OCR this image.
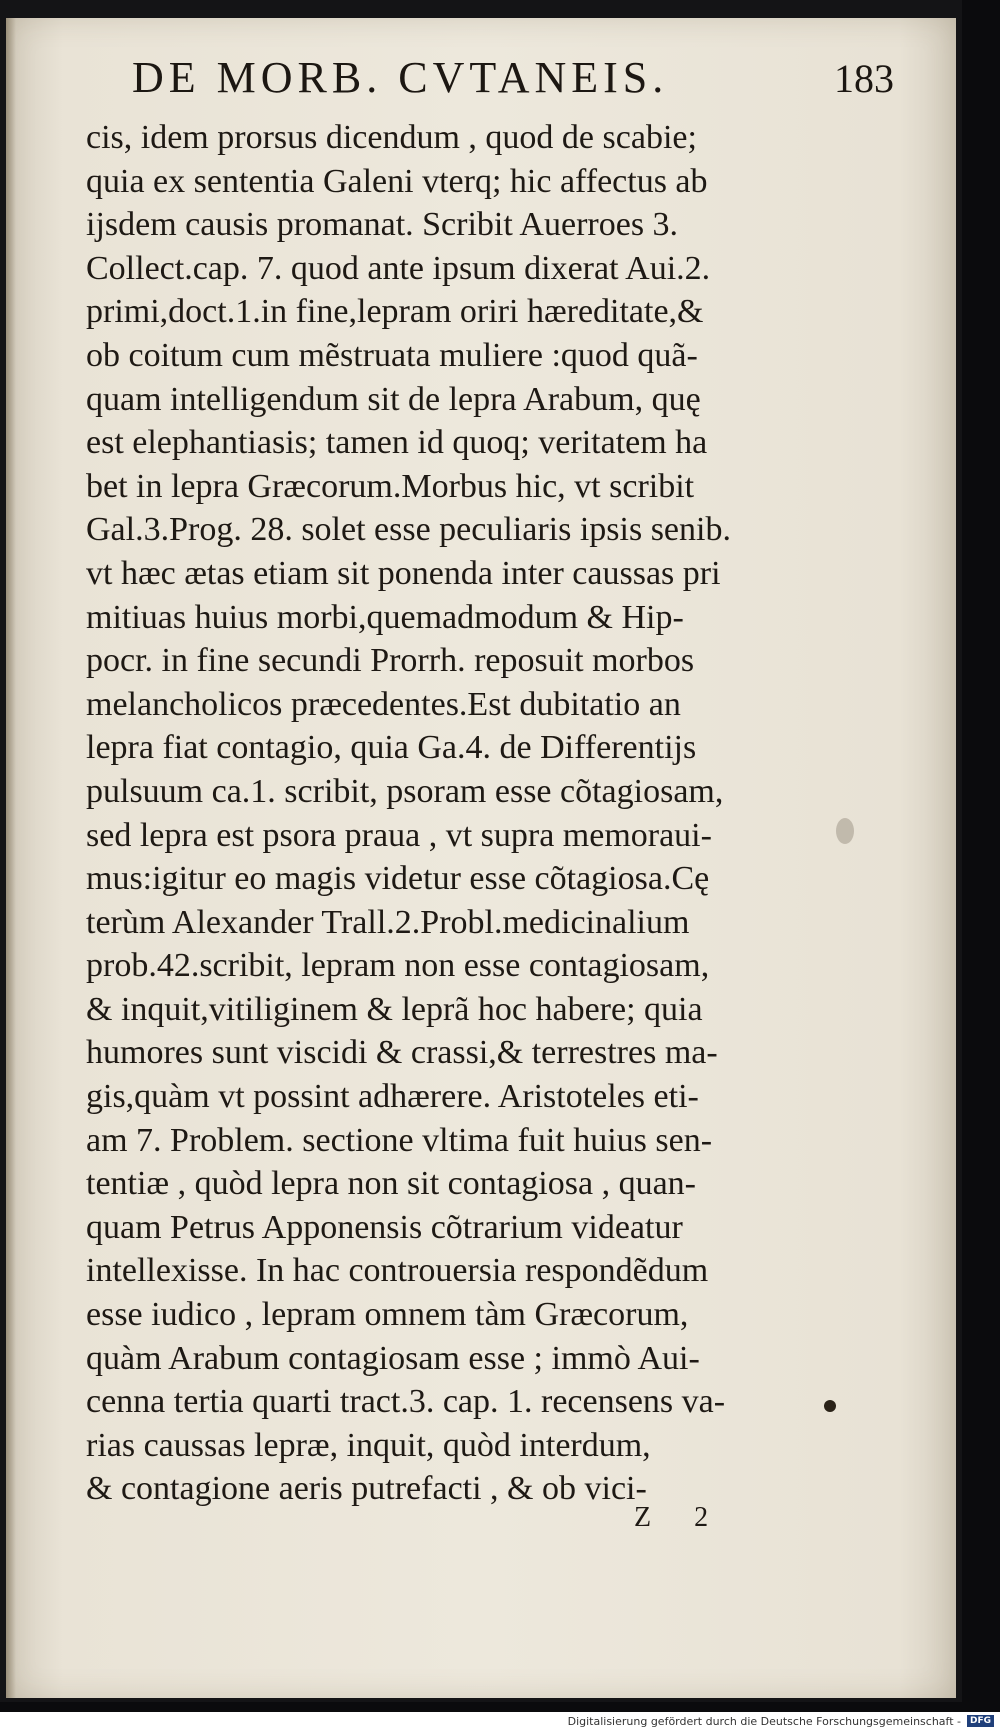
DE MORB. CVTANEIS.	183
cis, idem prorsus dicendum , quod de scabie;
quia ex sententia Galeni vterq; hic affectus ab
ijsdem causis promanat. Scribit Auerroes 3.
Collect.cap. 7. quod ante ipsum dixerat Aui.2.
primi,doct.1.in fine,lepram oriri hæreditate,&
ob coitum cum mẽstruata muliere :quod quã-
quam intelligendum sit de lepra Arabum, quę
est elephantiasis; tamen id quoq; veritatem ha
bet in lepra Græcorum.Morbus hic, vt scribit
Gal.3.Prog. 28. solet esse peculiaris ipsis senib.
vt hæc ætas etiam sit ponenda inter caussas pri
mitiuas huius morbi,quemadmodum & Hip-
pocr. in fine secundi Prorrh. reposuit morbos
melancholicos præcedentes.Est dubitatio an
lepra fiat contagio, quia Ga.4. de Differentijs
pulsuum ca.1. scribit, psoram esse cõtagiosam,
sed lepra est psora praua , vt supra memoraui-
mus:igitur eo magis videtur esse cõtagiosa.Cę
terùm Alexander Trall.2.Probl.medicinalium
prob.42.scribit, lepram non esse contagiosam,
& inquit,vitiliginem & leprã hoc habere; quia
humores sunt viscidi & crassi,& terrestres ma-
gis,quàm vt possint adhærere. Aristoteles eti-
am 7. Problem. sectione vltima fuit huius sen-
tentiæ , quòd lepra non sit contagiosa , quan-
quam Petrus Apponensis cõtrarium videatur
intellexisse. In hac controuersia respondẽdum
esse iudico , lepram omnem tàm Græcorum,
quàm Arabum contagiosam esse ; immò Aui-
cenna tertia quarti tract.3. cap. 1. recensens va-
rias caussas lepræ, inquit, quòd interdum,
& contagione aeris putrefacti , & ob vici-
Z 2
Digitalisierung gefördert durch die Deutsche Forschungsgemeinschaft -	DFG
